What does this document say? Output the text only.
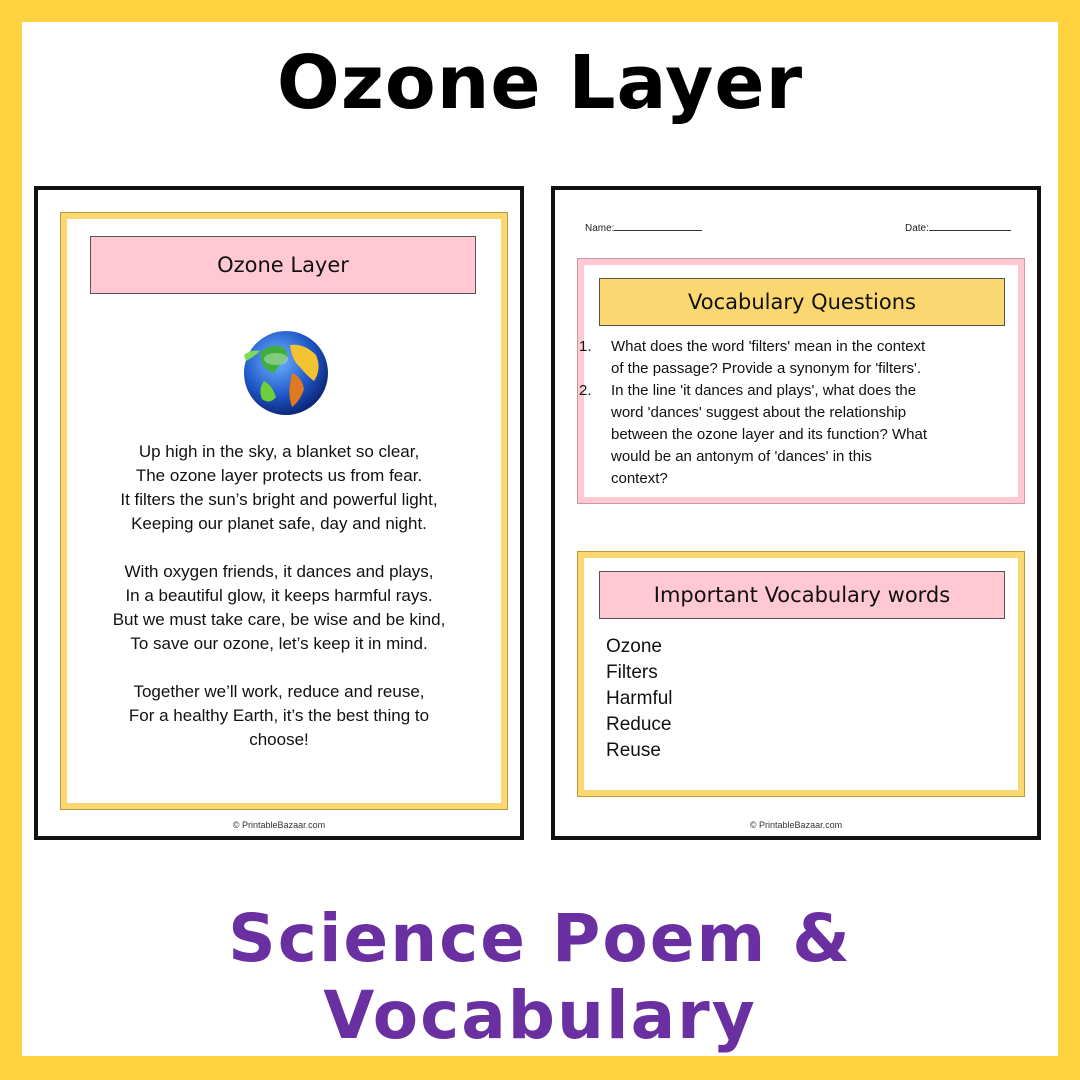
Ozone Layer
Ozone Layer
Up high in the sky, a blanket so clear,
The ozone layer protects us from fear.
It filters the sun’s bright and powerful light,
Keeping our planet safe, day and night.
With oxygen friends, it dances and plays,
In a beautiful glow, it keeps harmful rays.
But we must take care, be wise and be kind,
To save our ozone, let’s keep it in mind.
Together we’ll work, reduce and reuse,
For a healthy Earth, it’s the best thing to
choose!
© PrintableBazaar.com
Name:	Date:
Vocabulary Questions
1. What does the word 'filters' mean in the context
of the passage? Provide a synonym for 'filters'.
2. In the line 'it dances and plays', what does the
word 'dances' suggest about the relationship
between the ozone layer and its function? What
would be an antonym of 'dances' in this
context?
Important Vocabulary words
Ozone
Filters
Harmful
Reduce
Reuse
© PrintableBazaar.com
Science Poem & Vocabulary
